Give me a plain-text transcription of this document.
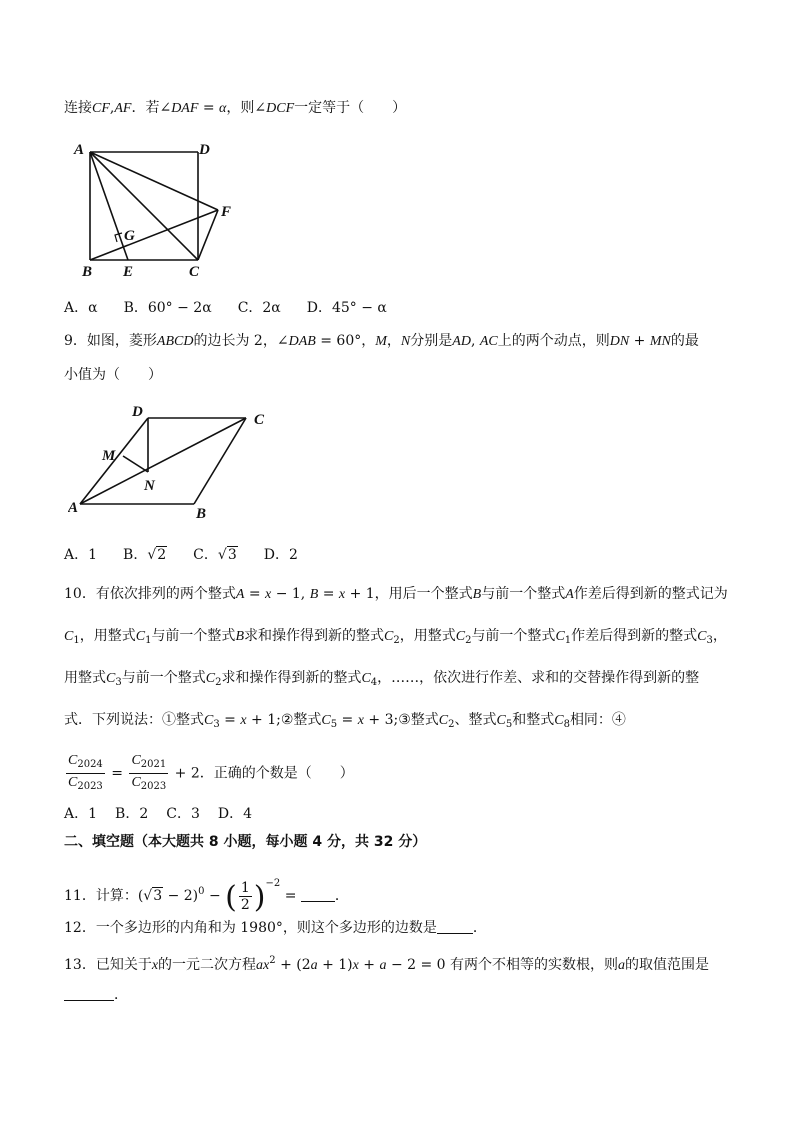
连接CF,AF．若∠DAF = α，则∠DCF一定等于（　　）
A	D
F
G
B E	C
A．α B．60° − 2α C．2α D．45° − α
9．如图，菱形ABCD的边长为 2，∠DAB = 60°，M，N分别是AD, AC上的两个动点，则DN + MN的最
小值为（　　）
D	C
M
N
A	B
A．1 B．√2 C．√3 D．2
10．有依次排列的两个整式A = x − 1, B = x + 1，用后一个整式B与前一个整式A作差后得到新的整式记为
$C_1$，用整式$C_1$与前一个整式B求和操作得到新的整式$C_2$，用整式$C_2$与前一个整式$C_1$作差后得到新的整式$C_3$，
用整式$C_3$与前一个整式$C_2$求和操作得到新的整式$C_4$，……，依次进行作差、求和的交替操作得到新的整
式．下列说法：①整式$C_3 = x$ + 1;②整式$C_5 = x$ + 3;③整式$C_2$、整式$C_5$和整式$C_8$相同：④
$\frac{C_{2024}}{C_{2023}} = \frac{C_{2021}}{C_{2023}} + 2$．正确的个数是（　　）
A．1 B．2 C．3 D．4
二、填空题（本大题共 8 小题，每小题 4 分，共 32 分）
11．计算：$(√3 - 2)^0$ − ( $\frac{1}{2} )^{-2}$ = ．
12．一个多边形的内角和为 1980°，则这个多边形的边数是	．
13．已知关于x的一元二次方程$ax^2 + (2a + 1)x + a - 2 = 0$ 有两个不相等的实数根，则a的取值范围是
．
